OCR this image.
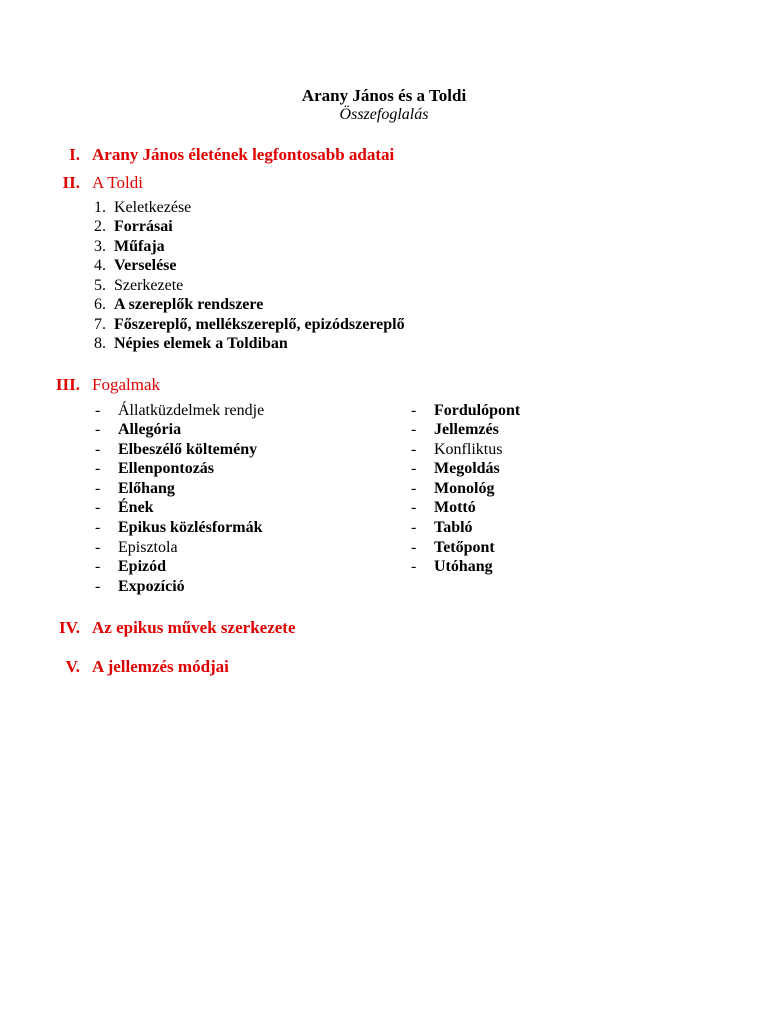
Arany János és a Toldi
Összefoglalás
I. Arany János életének legfontosabb adatai
II. A Toldi
1. Keletkezése
2. Forrásai
3. Műfaja
4. Verselése
5. Szerkezete
6. A szereplők rendszere
7. Főszereplő, mellékszereplő, epizódszereplő
8. Népies elemek a Toldiban
III. Fogalmak
- Állatküzdelmek rendje
- Allegória
- Elbeszélő költemény
- Ellenpontozás
- Előhang
- Ének
- Epikus közlésformák
- Episztola
- Epizód
- Expozíció
- Fordulópont
- Jellemzés
- Konfliktus
- Megoldás
- Monológ
- Mottó
- Tabló
- Tetőpont
- Utóhang
IV. Az epikus művek szerkezete
V. A jellemzés módjai
